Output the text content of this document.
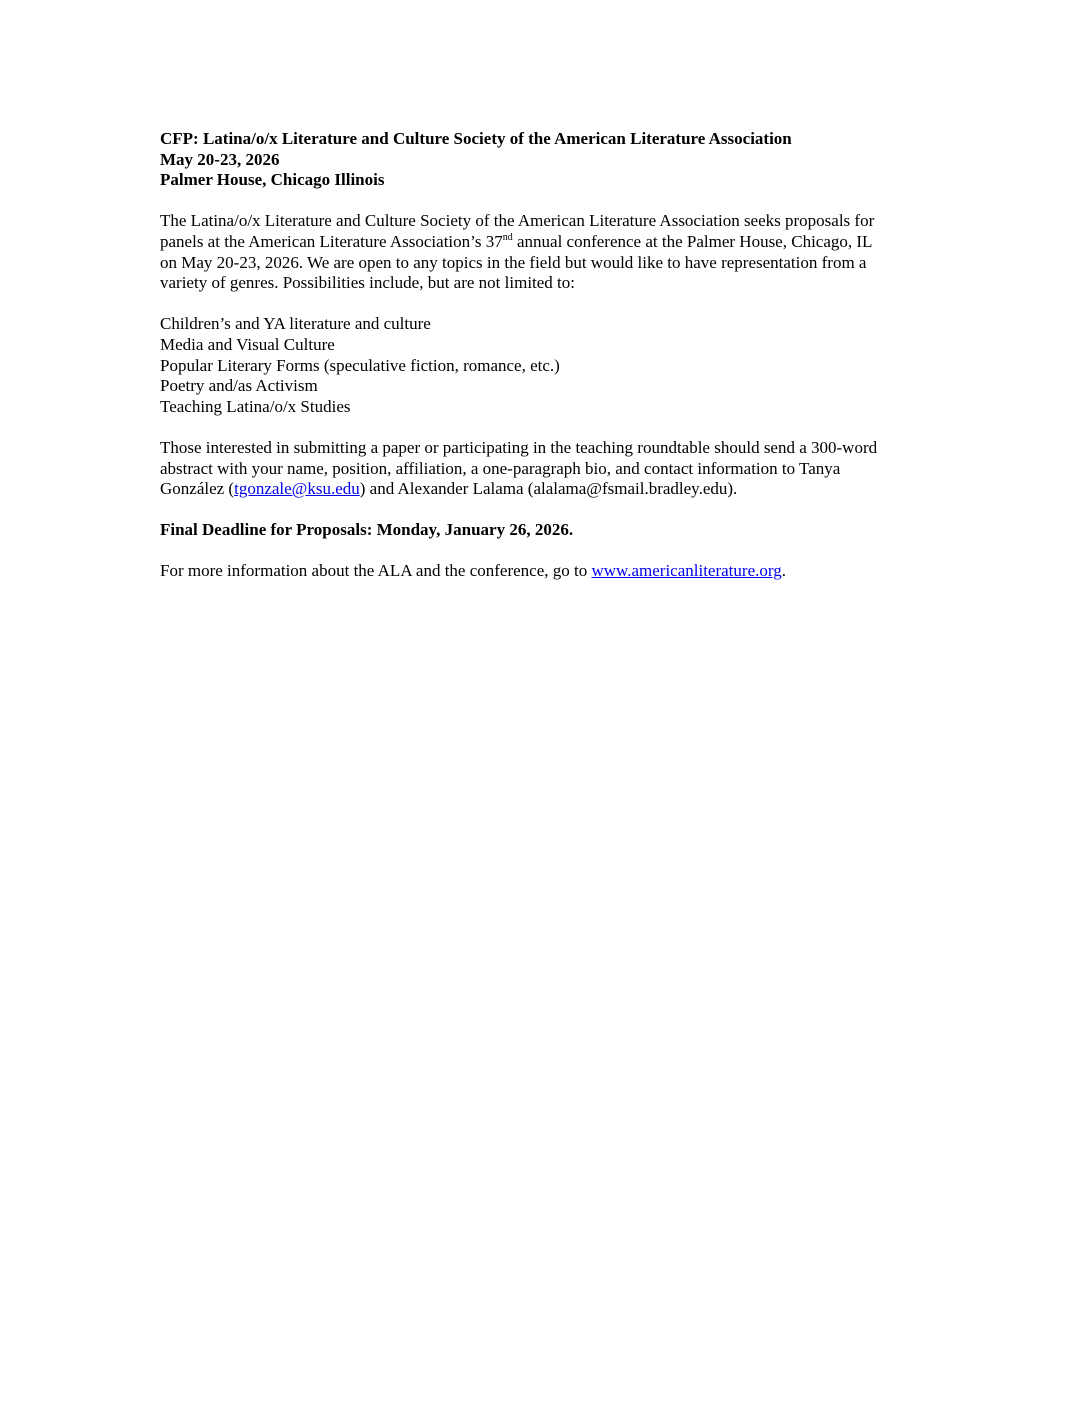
CFP: Latina/o/x Literature and Culture Society of the American Literature Association
May 20-23, 2026
Palmer House, Chicago Illinois
The Latina/o/x Literature and Culture Society of the American Literature Association seeks proposals for
panels at the American Literature Association’s 37nd annual conference at the Palmer House, Chicago, IL
on May 20-23, 2026. We are open to any topics in the field but would like to have representation from a
variety of genres. Possibilities include, but are not limited to:
Children’s and YA literature and culture
Media and Visual Culture
Popular Literary Forms (speculative fiction, romance, etc.)
Poetry and/as Activism
Teaching Latina/o/x Studies
Those interested in submitting a paper or participating in the teaching roundtable should send a 300-word
abstract with your name, position, affiliation, a one-paragraph bio, and contact information to Tanya
González (tgonzale@ksu.edu) and Alexander Lalama (alalama@fsmail.bradley.edu).
Final Deadline for Proposals: Monday, January 26, 2026.
For more information about the ALA and the conference, go to www.americanliterature.org.
